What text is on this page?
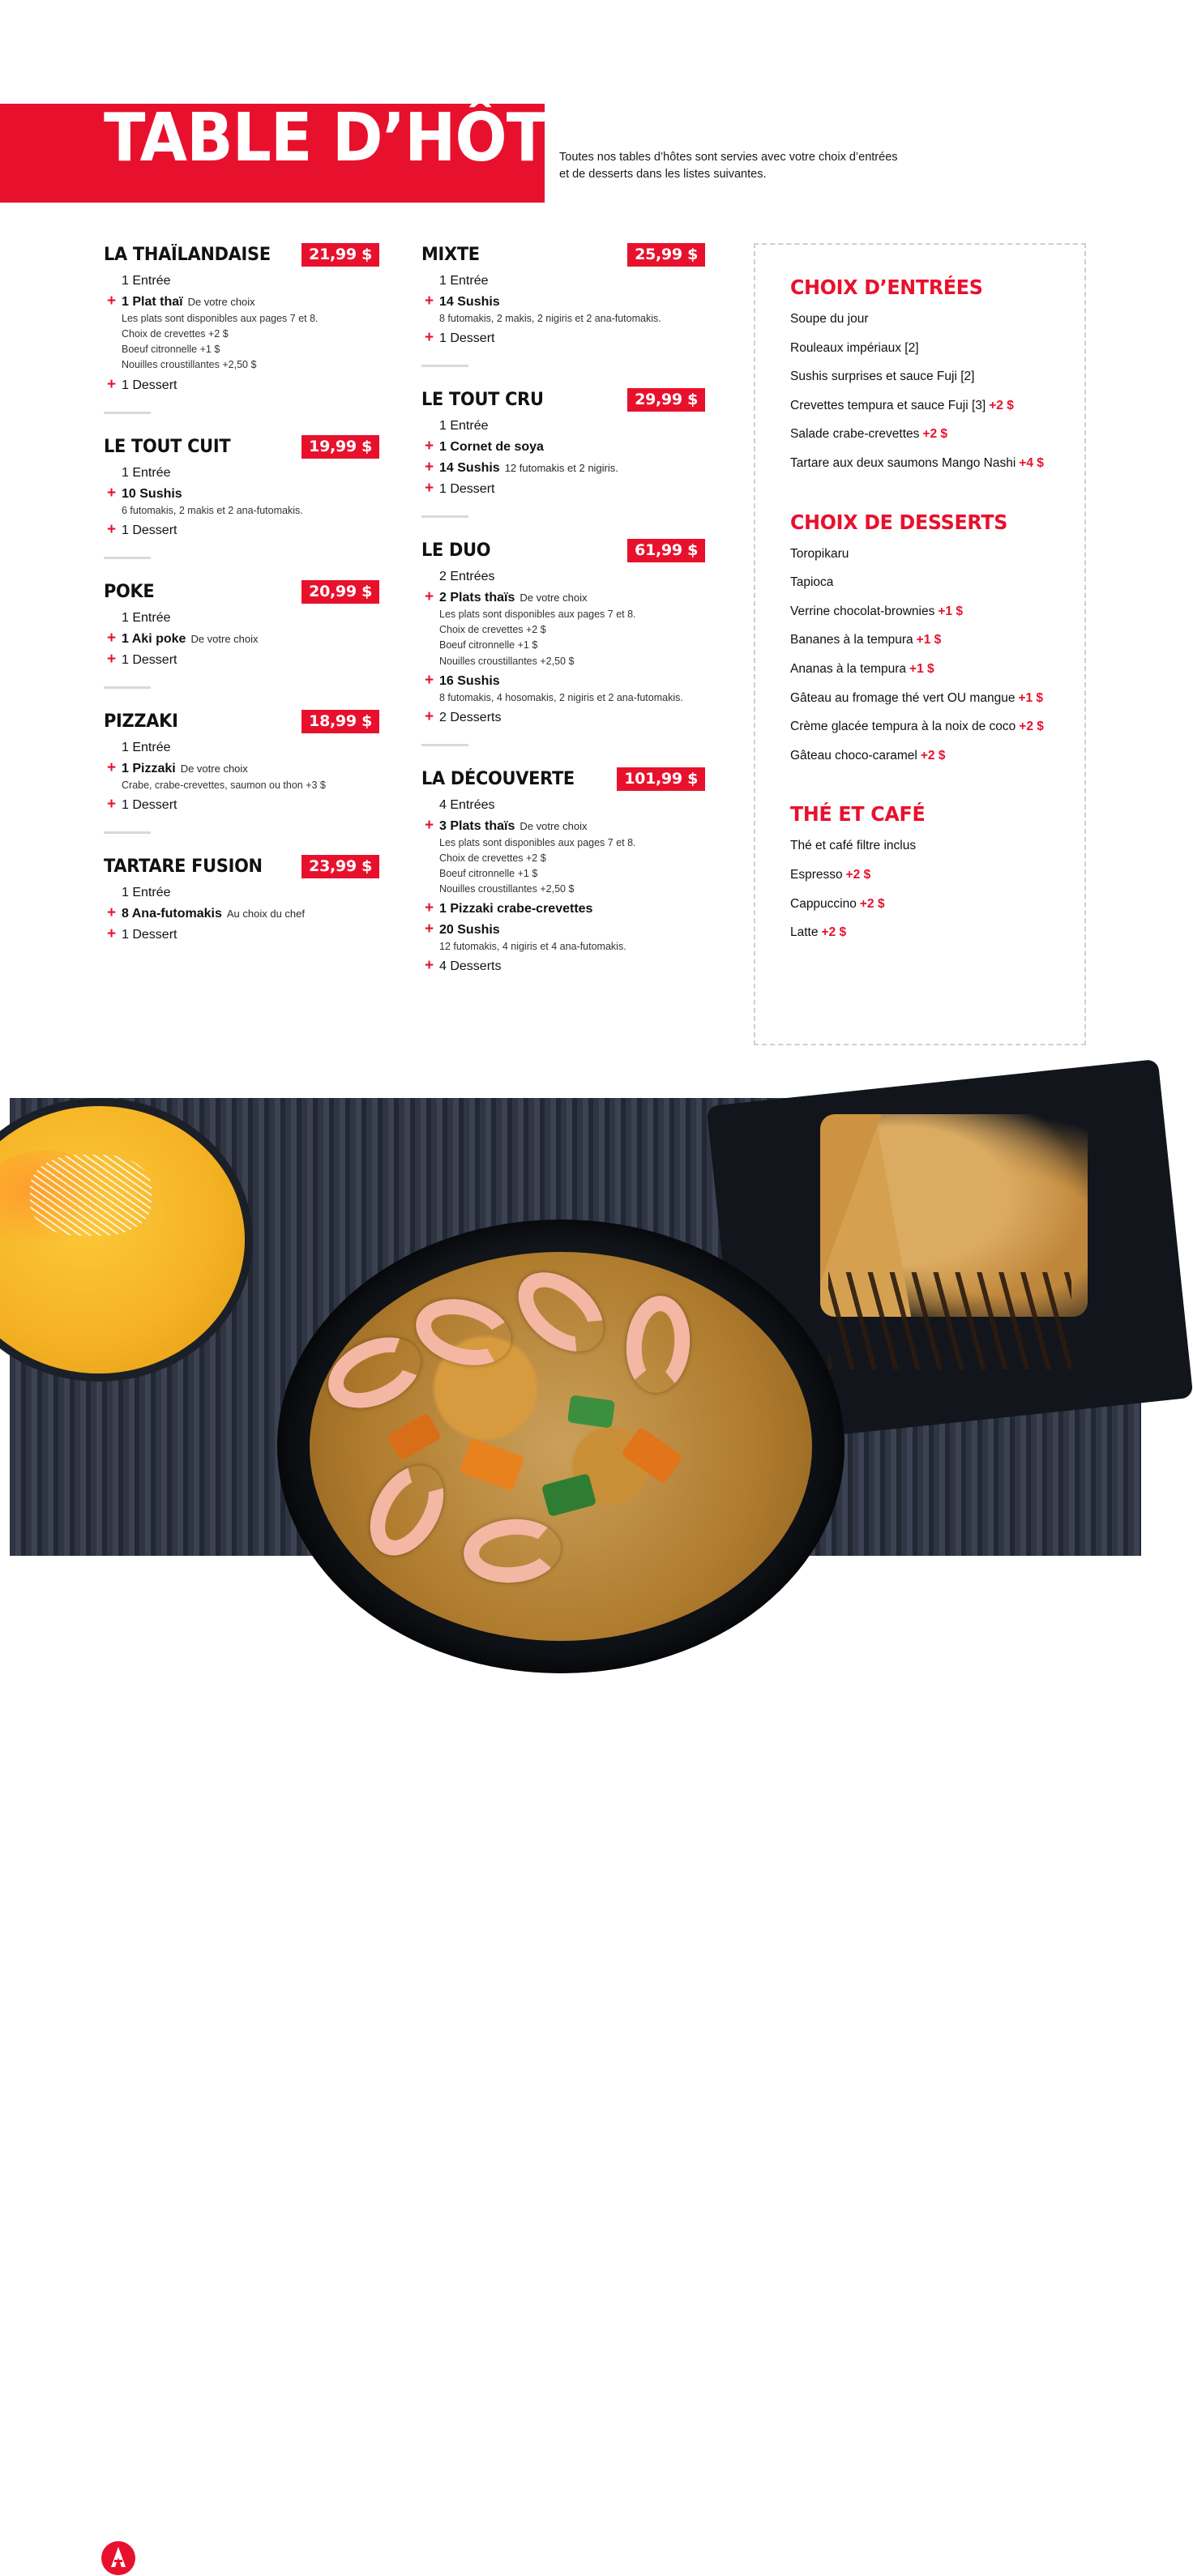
TABLE D’HÔTE
Toutes nos tables d’hôtes sont servies avec votre choix d’entrées et de desserts dans les listes suivantes.
LA THAÏLANDAISE	21,99 $
1 Entrée
+ 1 Plat thaï De votre choix
Les plats sont disponibles aux pages 7 et 8.
Choix de crevettes +2 $
Boeuf citronnelle +1 $
Nouilles croustillantes +2,50 $
+ 1 Dessert
LE TOUT CUIT	19,99 $
1 Entrée
+ 10 Sushis
6 futomakis, 2 makis et 2 ana-futomakis.
+ 1 Dessert
POKE	20,99 $
1 Entrée
+ 1 Aki poke De votre choix
+ 1 Dessert
PIZZAKI	18,99 $
1 Entrée
+ 1 Pizzaki De votre choix
Crabe, crabe-crevettes, saumon ou thon +3 $
+ 1 Dessert
TARTARE FUSION	23,99 $
1 Entrée
+ 8 Ana-futomakis Au choix du chef
+ 1 Dessert
MIXTE	25,99 $
1 Entrée
+ 14 Sushis
8 futomakis, 2 makis, 2 nigiris et 2 ana-futomakis.
+ 1 Dessert
LE TOUT CRU	29,99 $
1 Entrée
+ 1 Cornet de soya
+ 14 Sushis 12 futomakis et 2 nigiris.
+ 1 Dessert
LE DUO	61,99 $
2 Entrées
+ 2 Plats thaïs De votre choix
Les plats sont disponibles aux pages 7 et 8.
Choix de crevettes +2 $
Boeuf citronnelle +1 $
Nouilles croustillantes +2,50 $
+ 16 Sushis
8 futomakis, 4 hosomakis, 2 nigiris et 2 ana-futomakis.
+ 2 Desserts
LA DÉCOUVERTE	101,99 $
4 Entrées
+ 3 Plats thaïs De votre choix
Les plats sont disponibles aux pages 7 et 8.
Choix de crevettes +2 $
Boeuf citronnelle +1 $
Nouilles croustillantes +2,50 $
+ 1 Pizzaki crabe-crevettes
+ 20 Sushis
12 futomakis, 4 nigiris et 4 ana-futomakis.
+ 4 Desserts
CHOIX D’ENTRÉES
Soupe du jour
Rouleaux impériaux [2]
Sushis surprises et sauce Fuji [2]
Crevettes tempura et sauce Fuji [3] +2 $
Salade crabe-crevettes +2 $
Tartare aux deux saumons Mango Nashi +4 $
CHOIX DE DESSERTS
Toropikaru
Tapioca
Verrine chocolat-brownies +1 $
Bananes à la tempura +1 $
Ananas à la tempura +1 $
Gâteau au fromage thé vert OU mangue +1 $
Crème glacée tempura à la noix de coco +2 $
Gâteau choco-caramel +2 $
THÉ ET CAFÉ
Thé et café filtre inclus
Espresso +2 $
Cappuccino +2 $
Latte +2 $
04
